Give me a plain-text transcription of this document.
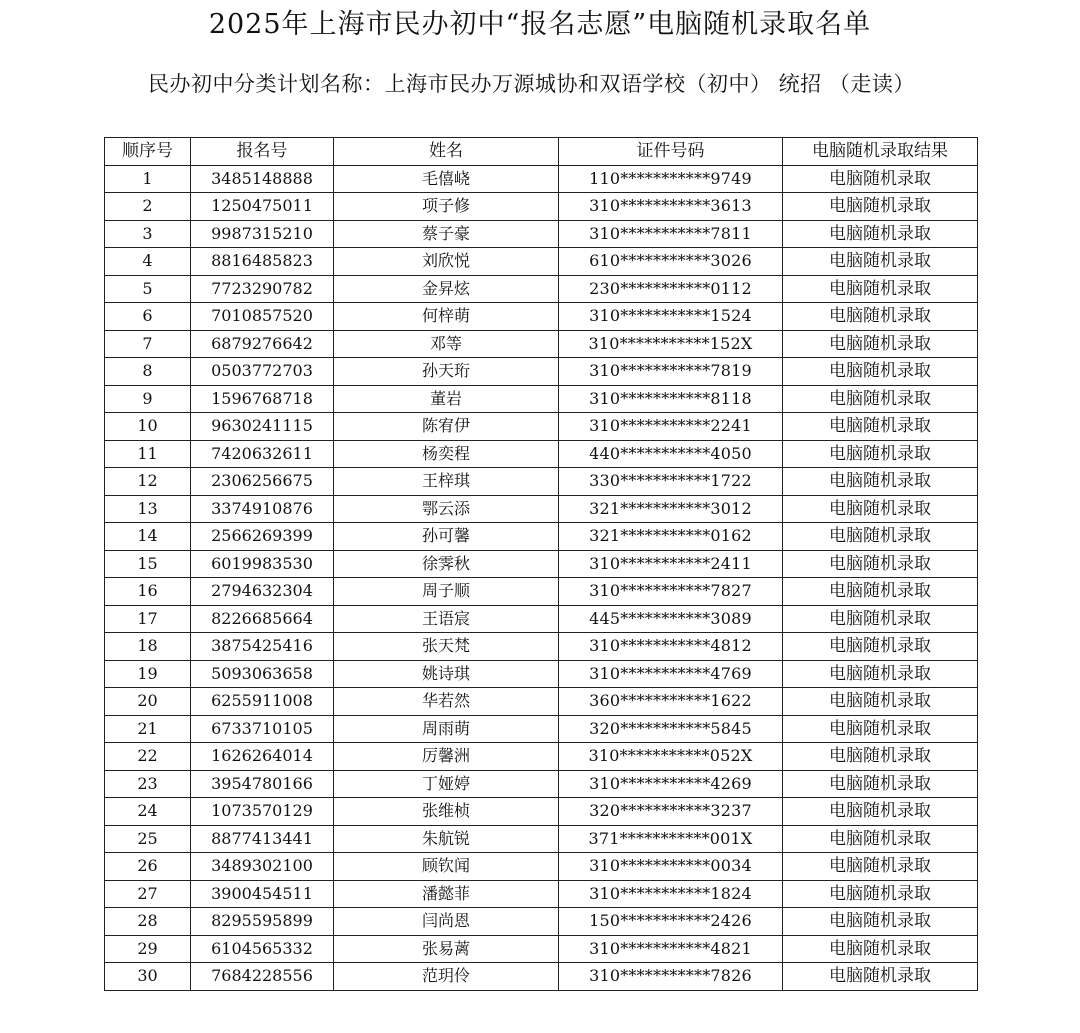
2025年上海市民办初中“报名志愿”电脑随机录取名单
民办初中分类计划名称：上海市民办万源城协和双语学校（初中） 统招 （走读）
顺序号	报名号	姓名	证件号码	电脑随机录取结果
1	3485148888	毛僖峣	110***********9749	电脑随机录取
2	1250475011	项子修	310***********3613	电脑随机录取
3	9987315210	蔡子豪	310***********7811	电脑随机录取
4	8816485823	刘欣悦	610***********3026	电脑随机录取
5	7723290782	金昇炫	230***********0112	电脑随机录取
6	7010857520	何梓萌	310***********1524	电脑随机录取
7	6879276642	邓等	310***********152X	电脑随机录取
8	0503772703	孙天珩	310***********7819	电脑随机录取
9	1596768718	董岩	310***********8118	电脑随机录取
10	9630241115	陈宥伊	310***********2241	电脑随机录取
11	7420632611	杨奕程	440***********4050	电脑随机录取
12	2306256675	王梓琪	330***********1722	电脑随机录取
13	3374910876	鄂云添	321***********3012	电脑随机录取
14	2566269399	孙可馨	321***********0162	电脑随机录取
15	6019983530	徐霁秋	310***********2411	电脑随机录取
16	2794632304	周子顺	310***********7827	电脑随机录取
17	8226685664	王语宸	445***********3089	电脑随机录取
18	3875425416	张天梵	310***********4812	电脑随机录取
19	5093063658	姚诗琪	310***********4769	电脑随机录取
20	6255911008	华若然	360***********1622	电脑随机录取
21	6733710105	周雨萌	320***********5845	电脑随机录取
22	1626264014	厉馨洲	310***********052X	电脑随机录取
23	3954780166	丁娅婷	310***********4269	电脑随机录取
24	1073570129	张维桢	320***********3237	电脑随机录取
25	8877413441	朱航锐	371***********001X	电脑随机录取
26	3489302100	顾钦闻	310***********0034	电脑随机录取
27	3900454511	潘懿菲	310***********1824	电脑随机录取
28	8295595899	闫尚恩	150***********2426	电脑随机录取
29	6104565332	张易蓠	310***********4821	电脑随机录取
30	7684228556	范玥伶	310***********7826	电脑随机录取
